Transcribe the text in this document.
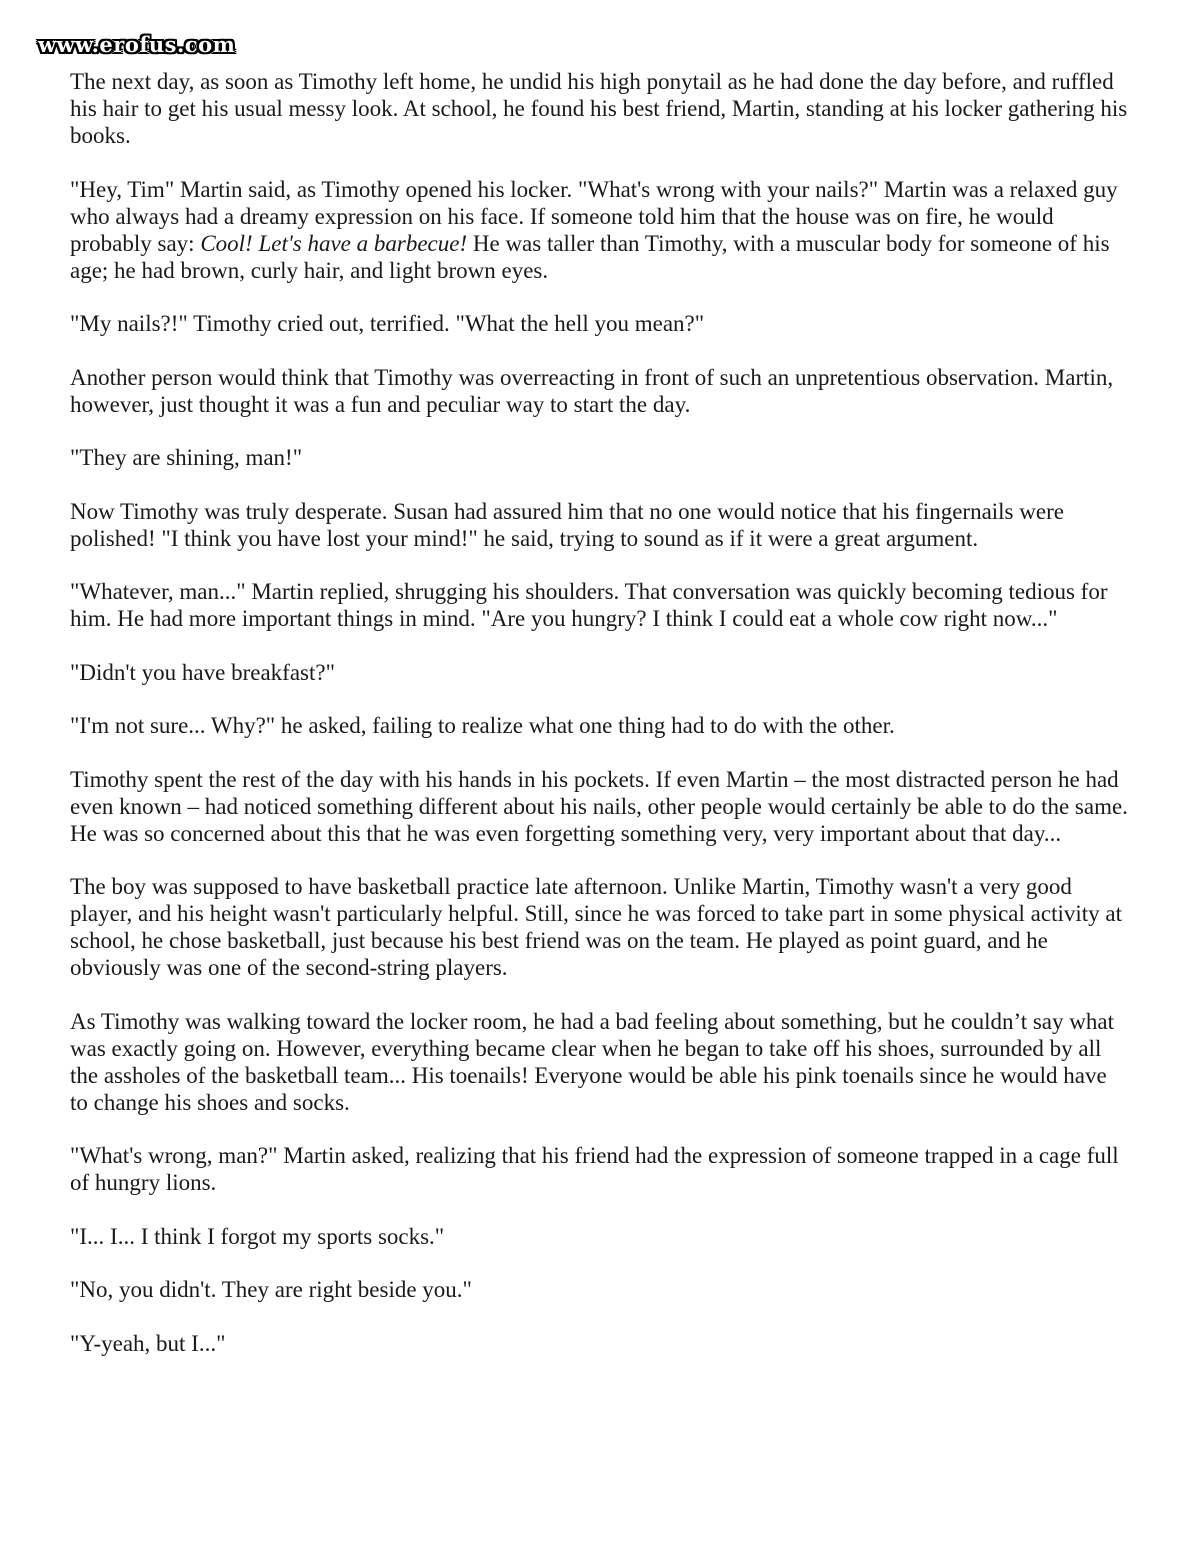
www.erofus.com

The next day, as soon as Timothy left home, he undid his high ponytail as he had done the day before, and ruffled his hair to get his usual messy look. At school, he found his best friend, Martin, standing at his locker gathering his books.

"Hey, Tim" Martin said, as Timothy opened his locker. "What's wrong with your nails?" Martin was a relaxed guy who always had a dreamy expression on his face. If someone told him that the house was on fire, he would probably say: Cool! Let's have a barbecue! He was taller than Timothy, with a muscular body for someone of his age; he had brown, curly hair, and light brown eyes.

"My nails?!" Timothy cried out, terrified. "What the hell you mean?"

Another person would think that Timothy was overreacting in front of such an unpretentious observation. Martin, however, just thought it was a fun and peculiar way to start the day.

"They are shining, man!"

Now Timothy was truly desperate. Susan had assured him that no one would notice that his fingernails were polished! "I think you have lost your mind!" he said, trying to sound as if it were a great argument.

"Whatever, man..." Martin replied, shrugging his shoulders. That conversation was quickly becoming tedious for him. He had more important things in mind. "Are you hungry? I think I could eat a whole cow right now..."

"Didn't you have breakfast?"

"I'm not sure... Why?" he asked, failing to realize what one thing had to do with the other.

Timothy spent the rest of the day with his hands in his pockets. If even Martin – the most distracted person he had even known – had noticed something different about his nails, other people would certainly be able to do the same. He was so concerned about this that he was even forgetting something very, very important about that day...

The boy was supposed to have basketball practice late afternoon. Unlike Martin, Timothy wasn't a very good player, and his height wasn't particularly helpful. Still, since he was forced to take part in some physical activity at school, he chose basketball, just because his best friend was on the team. He played as point guard, and he obviously was one of the second-string players.

As Timothy was walking toward the locker room, he had a bad feeling about something, but he couldn’t say what was exactly going on. However, everything became clear when he began to take off his shoes, surrounded by all the assholes of the basketball team... His toenails! Everyone would be able his pink toenails since he would have to change his shoes and socks.

"What's wrong, man?" Martin asked, realizing that his friend had the expression of someone trapped in a cage full of hungry lions.

"I... I... I think I forgot my sports socks."

"No, you didn't. They are right beside you."

"Y-yeah, but I..."
